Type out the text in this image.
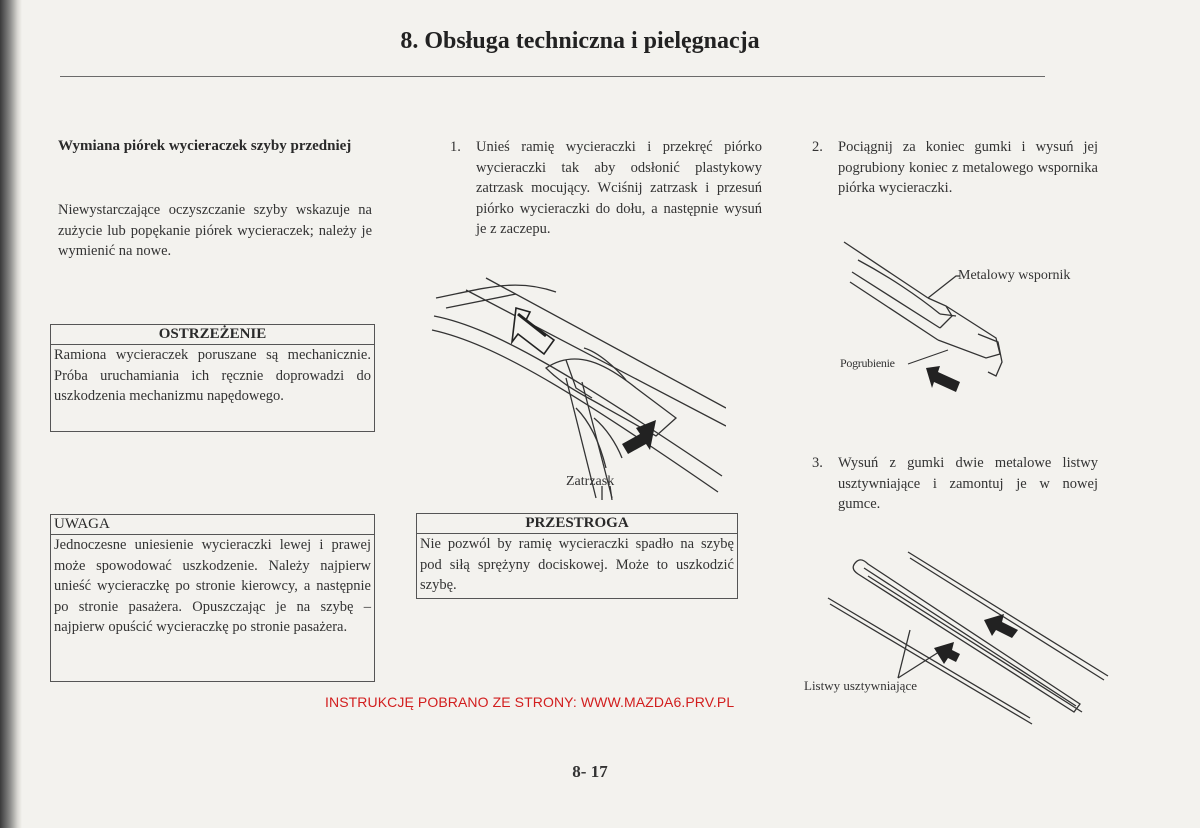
8. Obsługa techniczna i pielęgnacja
Wymiana piórek wycieraczek szyby przedniej
Niewystarczające oczyszczanie szyby wskazuje na zużycie lub popękanie piórek wycieraczek; należy je wymienić na nowe.
OSTRZEŻENIE
Ramiona wycieraczek poruszane są mechanicznie. Próba uruchamiania ich ręcznie doprowadzi do uszkodzenia mechanizmu napędowego.
UWAGA
Jednoczesne uniesienie wycieraczki lewej i prawej może spowodować uszkodzenie. Należy najpierw unieść wycieraczkę po stronie kierowcy, a następnie po stronie pasażera. Opuszczając je na szybę – najpierw opuścić wycieraczkę po stronie pasażera.
1. Unieś ramię wycieraczki i przekręć piórko wycieraczki tak aby odsłonić plastykowy zatrzask mocujący. Wciśnij zatrzask i przesuń piórko wycieraczki do dołu, a następnie wysuń je z zaczepu.
Zatrzask
PRZESTROGA
Nie pozwól by ramię wycieraczki spadło na szybę pod siłą sprężyny dociskowej. Może to uszkodzić szybę.
2. Pociągnij za koniec gumki i wysuń jej pogrubiony koniec z metalowego wspornika piórka wycieraczki.
Metalowy wspornik
Pogrubienie
3. Wysuń z gumki dwie metalowe listwy usztywniające i zamontuj je w nowej gumce.
Listwy usztywniające
INSTRUKCJĘ POBRANO ZE STRONY: WWW.MAZDA6.PRV.PL
8- 17
